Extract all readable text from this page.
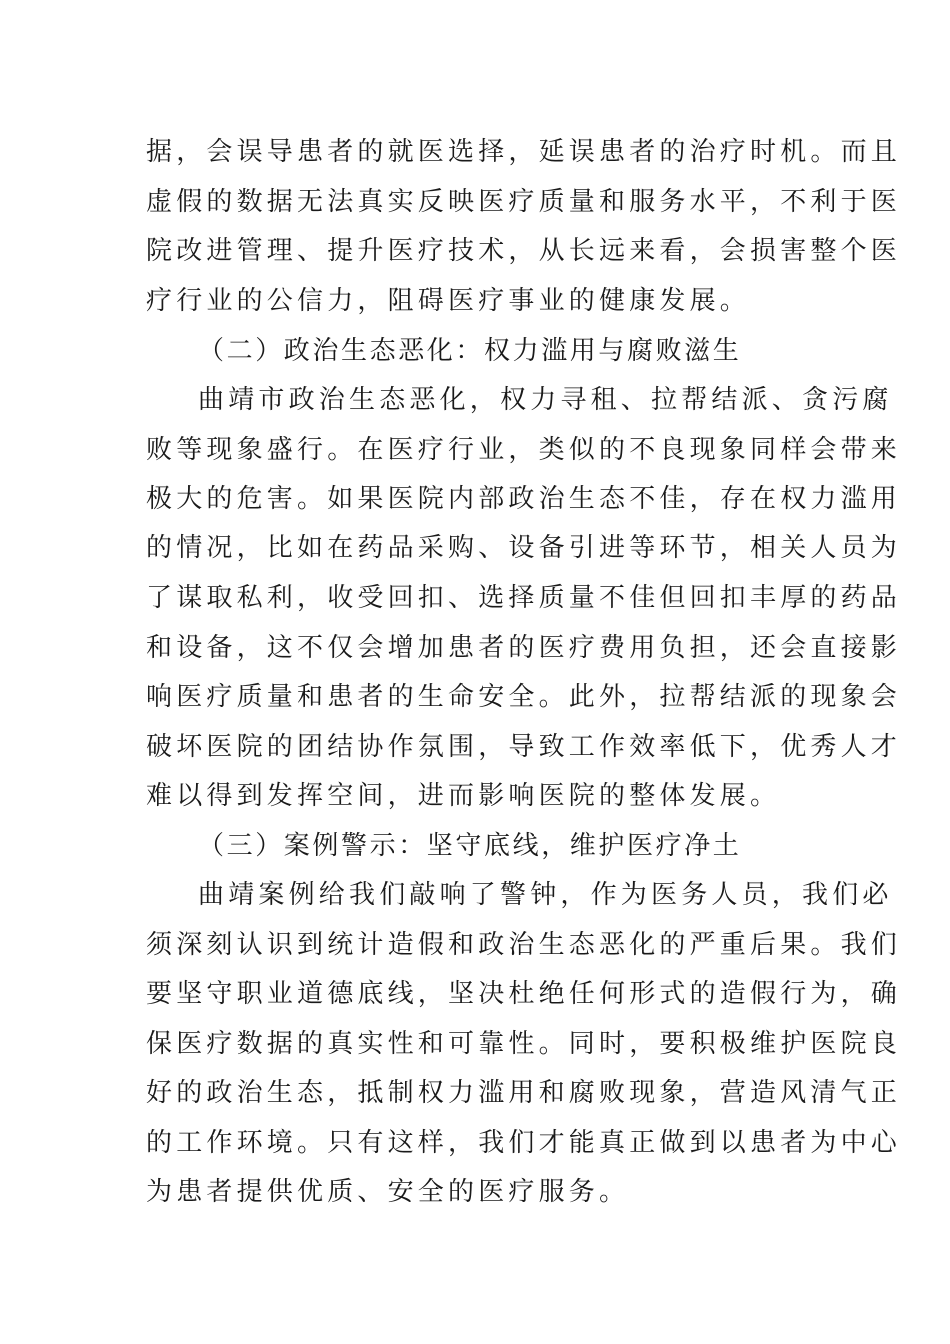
据，会误导患者的就医选择，延误患者的治疗时机。而且
虚假的数据无法真实反映医疗质量和服务水平，不利于医
院改进管理、提升医疗技术，从长远来看，会损害整个医
疗行业的公信力，阻碍医疗事业的健康发展。
（二）政治生态恶化：权力滥用与腐败滋生
曲靖市政治生态恶化，权力寻租、拉帮结派、贪污腐
败等现象盛行。在医疗行业，类似的不良现象同样会带来
极大的危害。如果医院内部政治生态不佳，存在权力滥用
的情况，比如在药品采购、设备引进等环节，相关人员为
了谋取私利，收受回扣、选择质量不佳但回扣丰厚的药品
和设备，这不仅会增加患者的医疗费用负担，还会直接影
响医疗质量和患者的生命安全。此外，拉帮结派的现象会
破坏医院的团结协作氛围，导致工作效率低下，优秀人才
难以得到发挥空间，进而影响医院的整体发展。
（三）案例警示：坚守底线，维护医疗净土
曲靖案例给我们敲响了警钟，作为医务人员，我们必
须深刻认识到统计造假和政治生态恶化的严重后果。我们
要坚守职业道德底线，坚决杜绝任何形式的造假行为，确
保医疗数据的真实性和可靠性。同时，要积极维护医院良
好的政治生态，抵制权力滥用和腐败现象，营造风清气正
的工作环境。只有这样，我们才能真正做到以患者为中心
为患者提供优质、安全的医疗服务。
